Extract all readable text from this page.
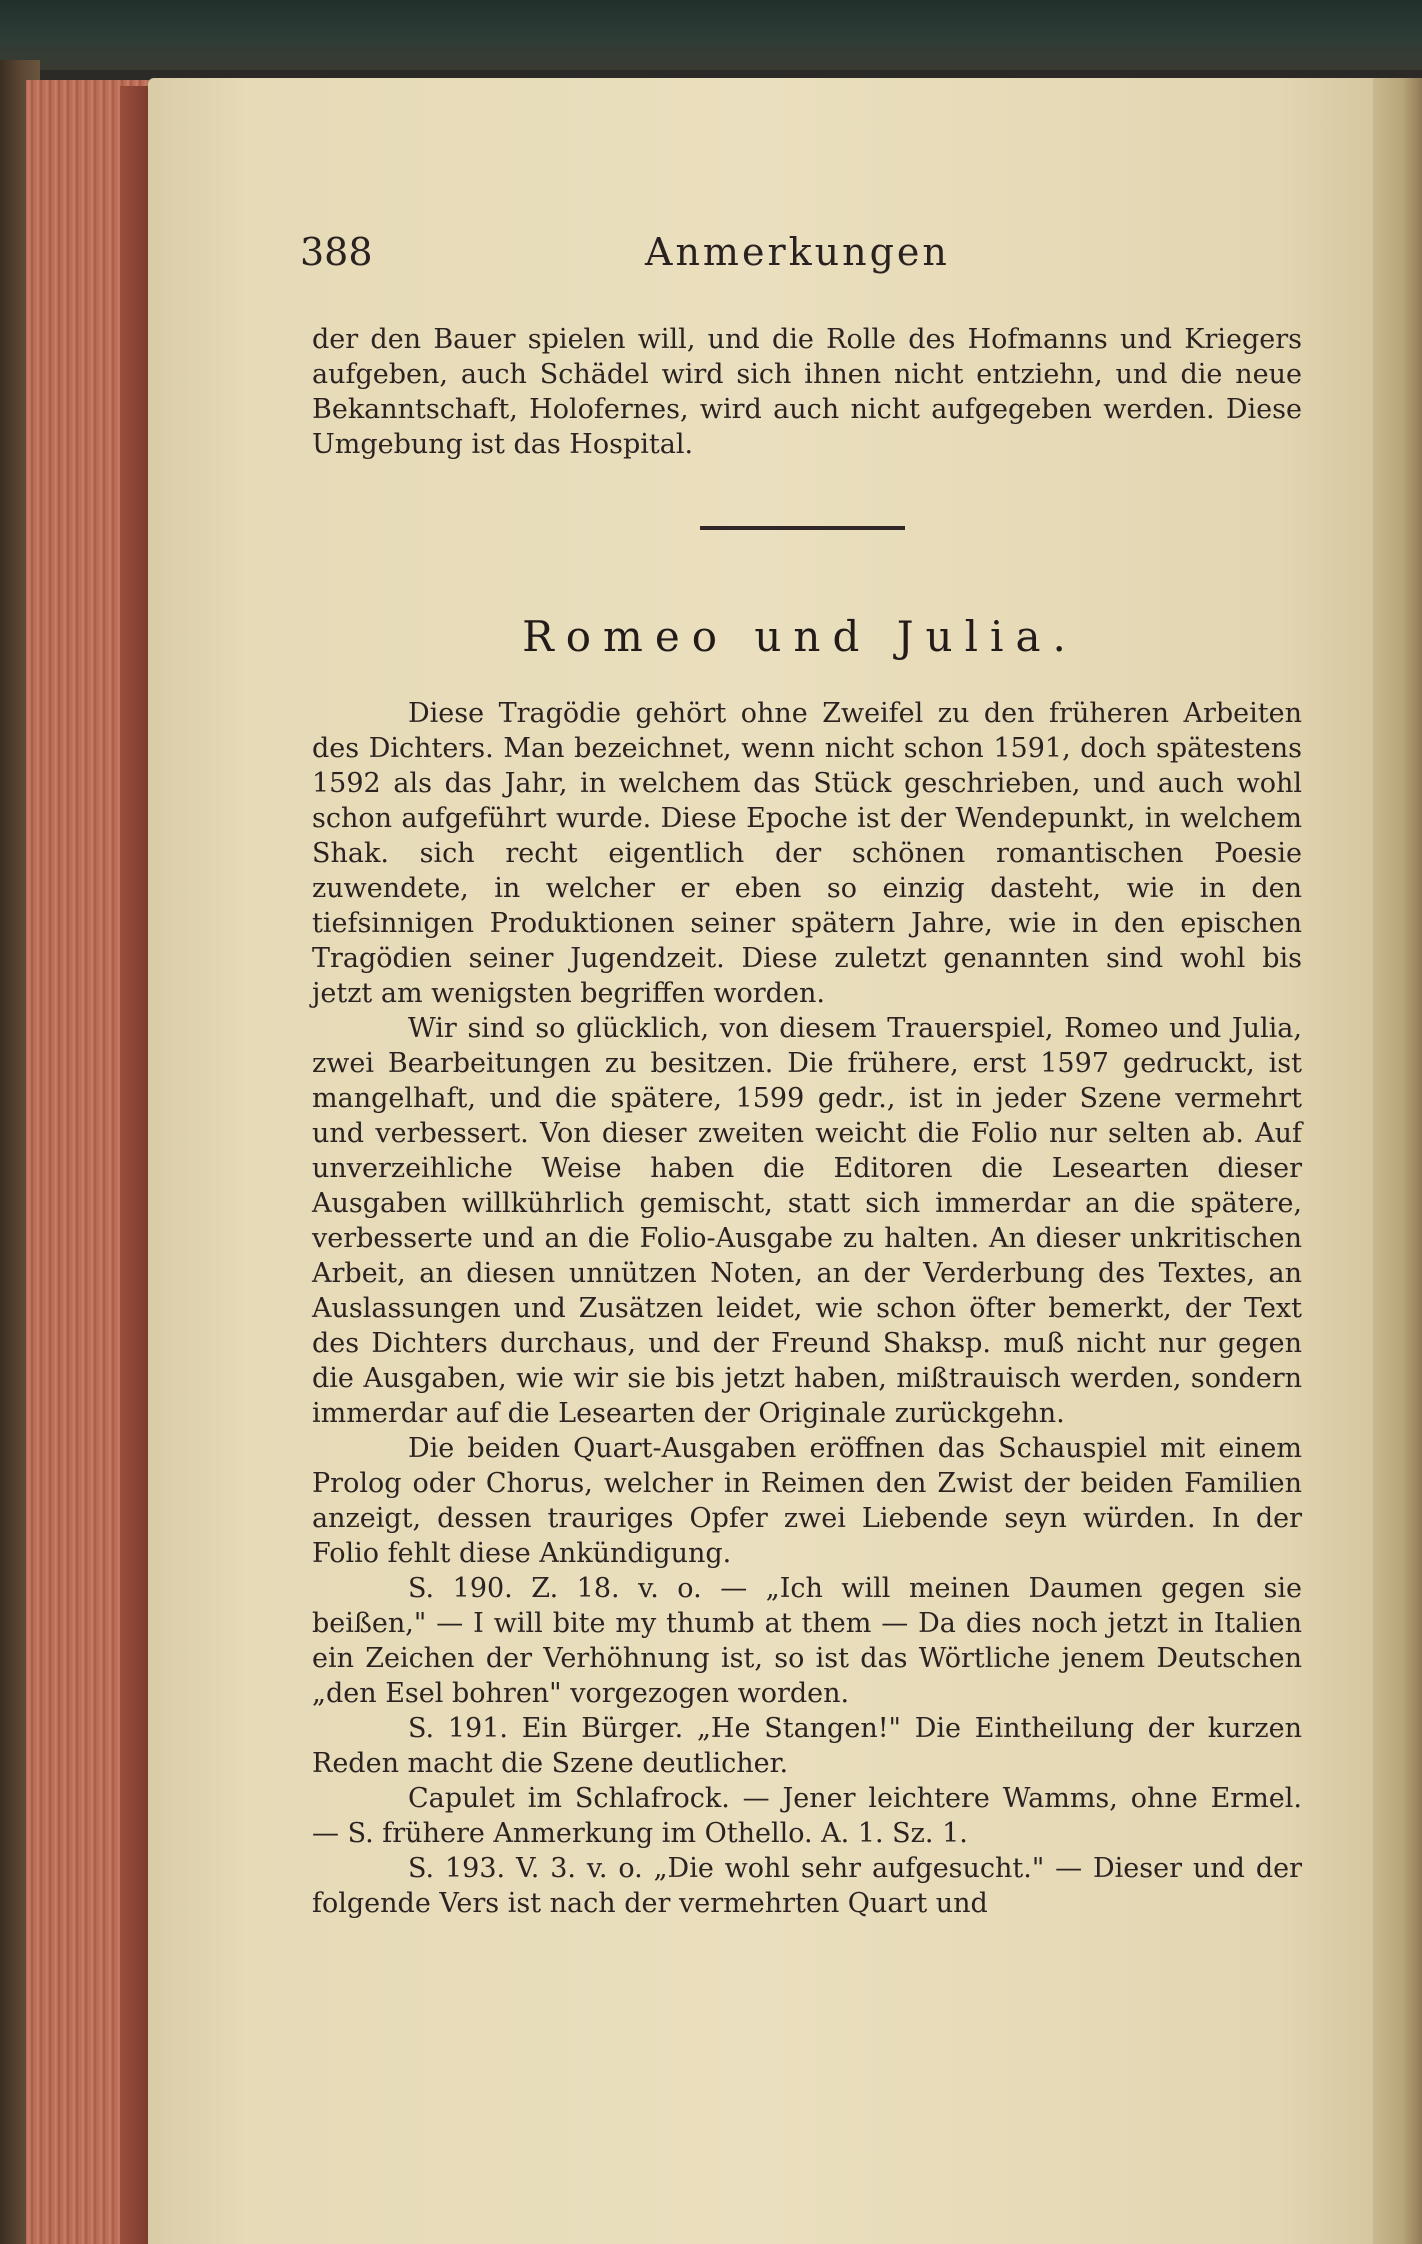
388	Anmerkungen

der den Bauer spielen will, und die Rolle des Hofmanns und Kriegers aufgeben, auch Schädel wird sich ihnen nicht entziehn, und die neue Bekanntschaft, Holofernes, wird auch nicht aufgegeben werden. Diese Umgebung ist das Hospital.

Romeo und Julia.

Diese Tragödie gehört ohne Zweifel zu den früheren Arbeiten des Dichters. Man bezeichnet, wenn nicht schon 1591, doch spätestens 1592 als das Jahr, in welchem das Stück geschrieben, und auch wohl schon aufgeführt wurde. Diese Epoche ist der Wendepunkt, in welchem Shak. sich recht eigentlich der schönen romantischen Poesie zuwendete, in welcher er eben so einzig dasteht, wie in den tiefsinnigen Produktionen seiner spätern Jahre, wie in den epischen Tragödien seiner Jugendzeit. Diese zuletzt genannten sind wohl bis jetzt am wenigsten begriffen worden.

Wir sind so glücklich, von diesem Trauerspiel, Romeo und Julia, zwei Bearbeitungen zu besitzen. Die frühere, erst 1597 gedruckt, ist mangelhaft, und die spätere, 1599 gedr., ist in jeder Szene vermehrt und verbessert. Von dieser zweiten weicht die Folio nur selten ab. Auf unverzeihliche Weise haben die Editoren die Lesearten dieser Ausgaben willkührlich gemischt, statt sich immerdar an die spätere, verbesserte und an die Folio-Ausgabe zu halten. An dieser unkritischen Arbeit, an diesen unnützen Noten, an der Verderbung des Textes, an Auslassungen und Zusätzen leidet, wie schon öfter bemerkt, der Text des Dichters durchaus, und der Freund Shaksp. muß nicht nur gegen die Ausgaben, wie wir sie bis jetzt haben, mißtrauisch werden, sondern immerdar auf die Lesearten der Originale zurückgehn.

Die beiden Quart-Ausgaben eröffnen das Schauspiel mit einem Prolog oder Chorus, welcher in Reimen den Zwist der beiden Familien anzeigt, dessen trauriges Opfer zwei Liebende seyn würden. In der Folio fehlt diese Ankündigung.

S. 190. Z. 18. v. o. — „Ich will meinen Daumen gegen sie beißen," — I will bite my thumb at them — Da dies noch jetzt in Italien ein Zeichen der Verhöhnung ist, so ist das Wörtliche jenem Deutschen „den Esel bohren" vorgezogen worden.

S. 191. Ein Bürger. „He Stangen!" Die Eintheilung der kurzen Reden macht die Szene deutlicher.

Capulet im Schlafrock. — Jener leichtere Wamms, ohne Ermel. — S. frühere Anmerkung im Othello. A. 1. Sz. 1.

S. 193. V. 3. v. o. „Die wohl sehr aufgesucht." — Dieser und der folgende Vers ist nach der vermehrten Quart und
